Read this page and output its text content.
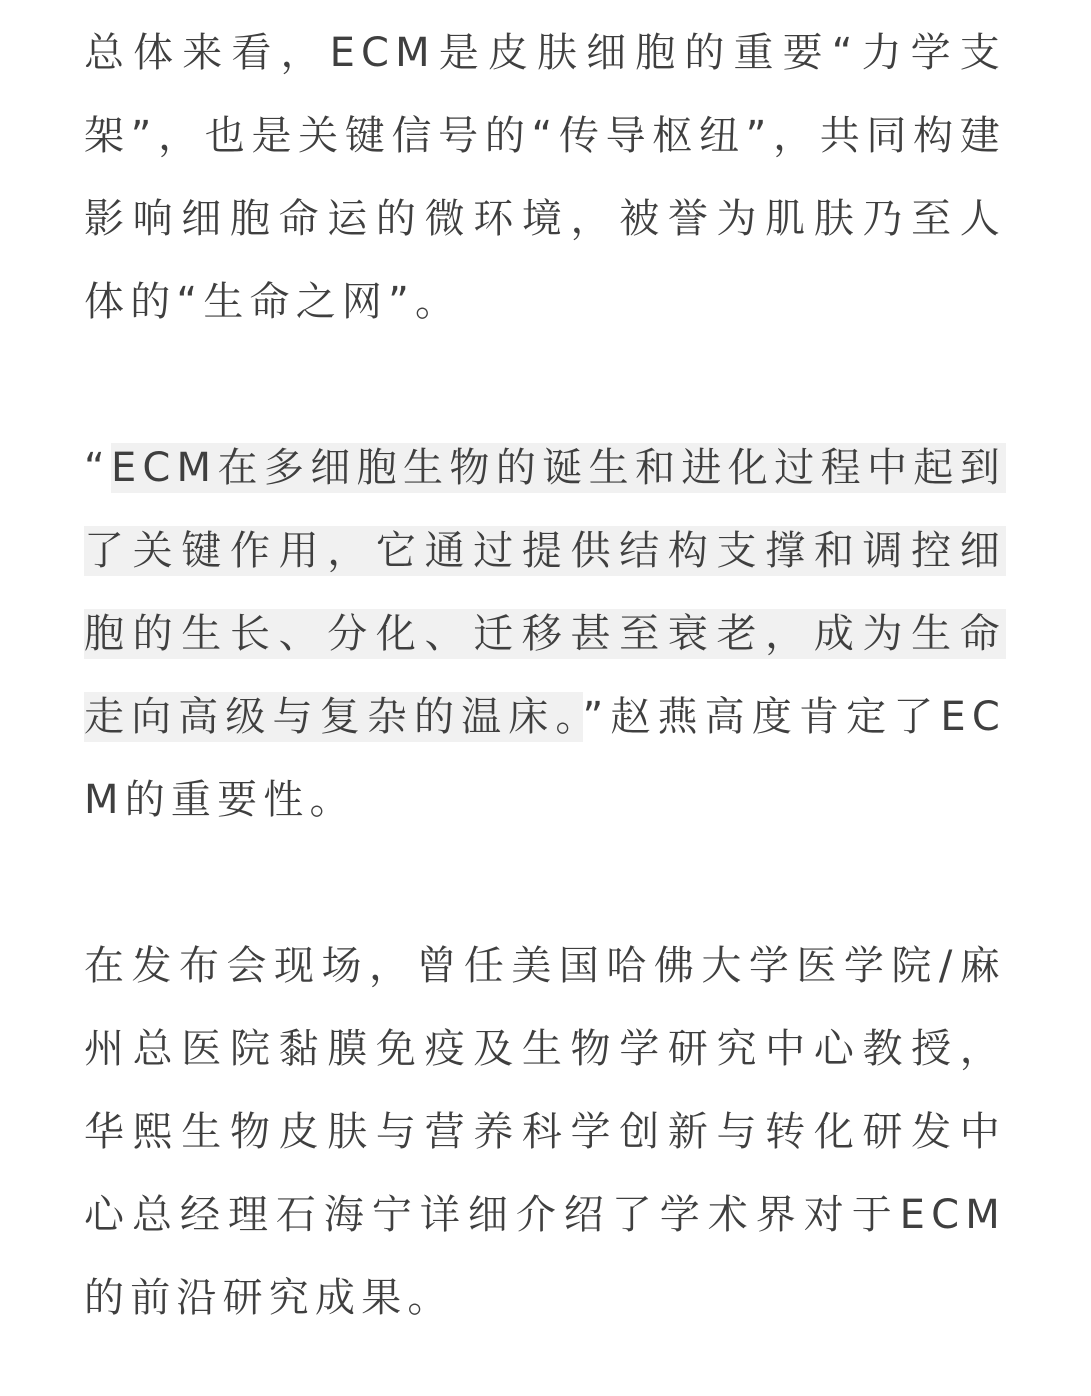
总体来看，ECM是皮肤细胞的重要“力学支架”，也是关键信号的“传导枢纽”，共同构建影响细胞命运的微环境，被誉为肌肤乃至人体的“生命之网”。

“ECM在多细胞生物的诞生和进化过程中起到了关键作用，它通过提供结构支撑和调控细胞的生长、分化、迁移甚至衰老，成为生命走向高级与复杂的温床。”赵燕高度肯定了ECM的重要性。

在发布会现场，曾任美国哈佛大学医学院/麻州总医院黏膜免疫及生物学研究中心教授，华熙生物皮肤与营养科学创新与转化研发中心总经理石海宁详细介绍了学术界对于ECM的前沿研究成果。
